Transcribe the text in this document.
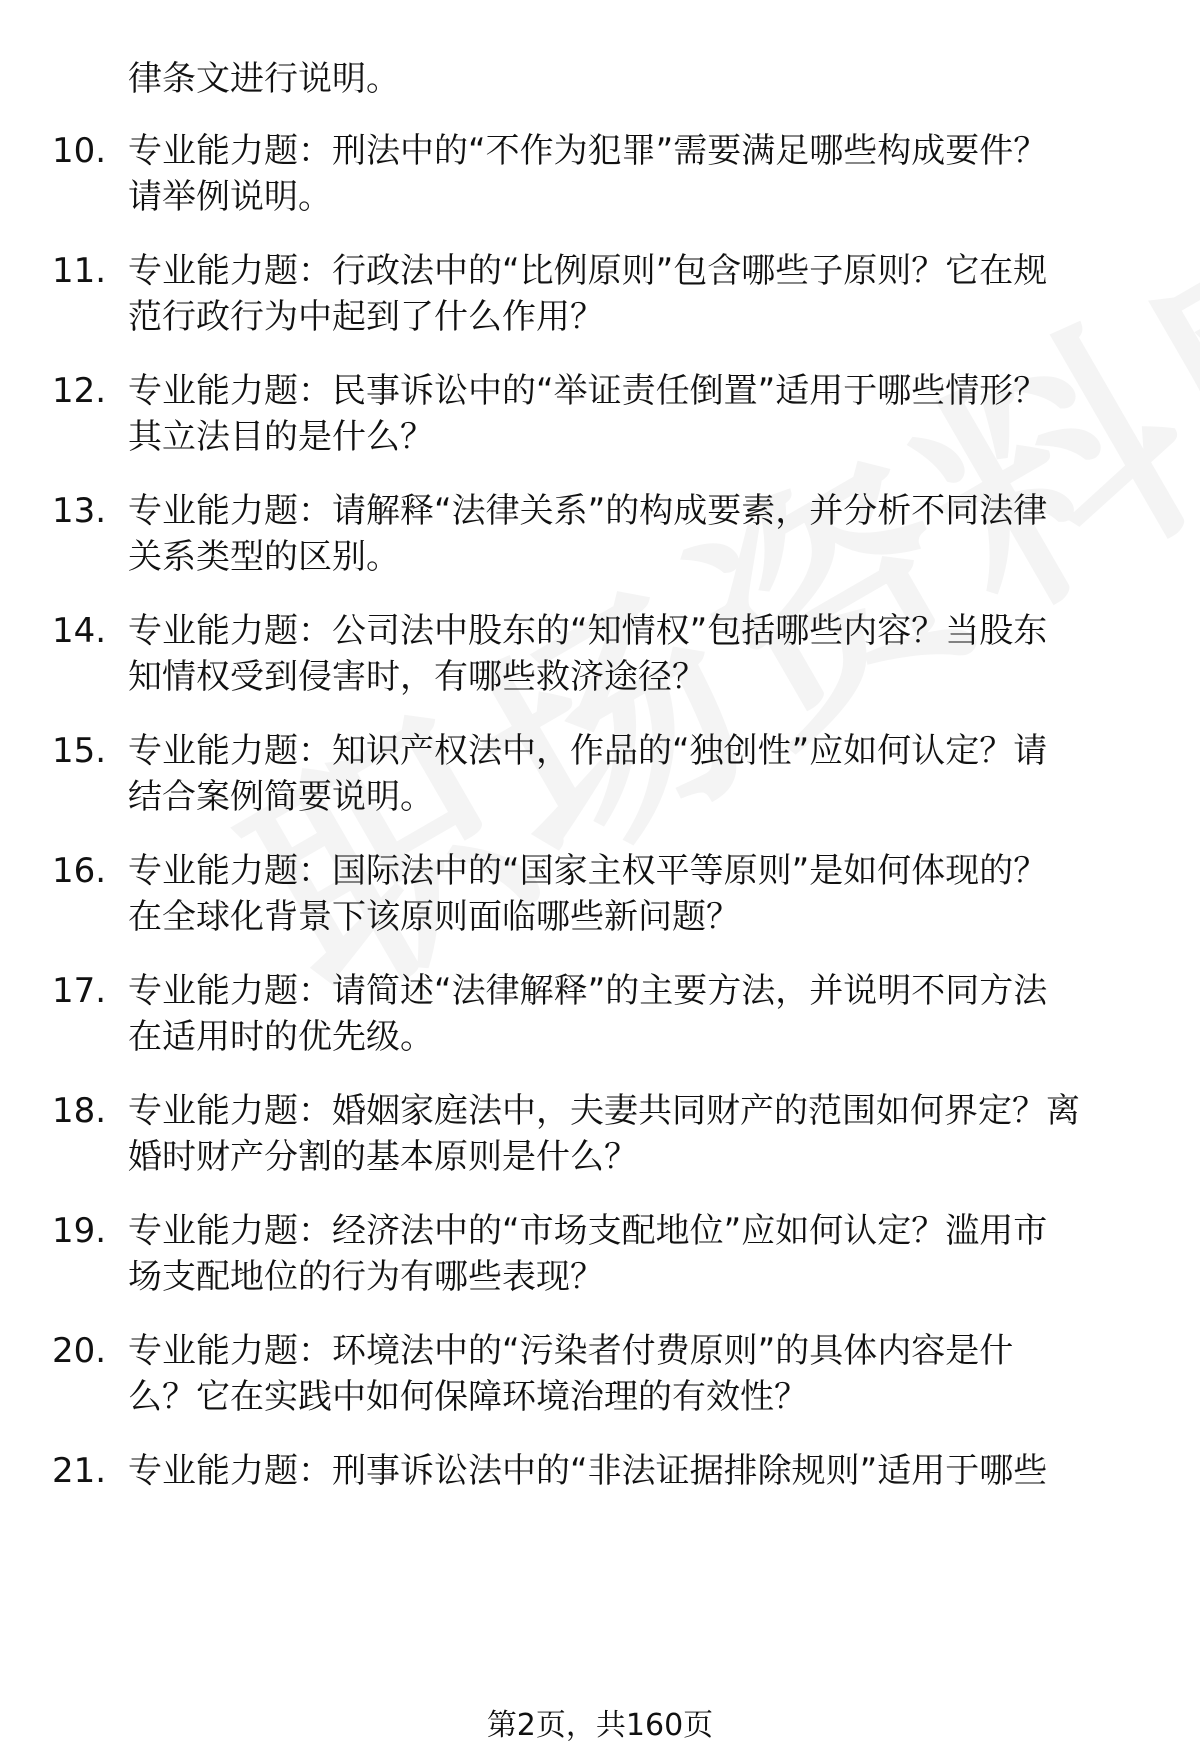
律条文进行说明。
10. 专业能力题：刑法中的“不作为犯罪”需要满足哪些构成要件？
请举例说明。
11. 专业能力题：行政法中的“比例原则”包含哪些子原则？它在规
范行政行为中起到了什么作用？
12. 专业能力题：民事诉讼中的“举证责任倒置”适用于哪些情形？
其立法目的是什么？
13. 专业能力题：请解释“法律关系”的构成要素，并分析不同法律
关系类型的区别。
14. 专业能力题：公司法中股东的“知情权”包括哪些内容？当股东
知情权受到侵害时，有哪些救济途径？
15. 专业能力题：知识产权法中，作品的“独创性”应如何认定？请
结合案例简要说明。
16. 专业能力题：国际法中的“国家主权平等原则”是如何体现的？
在全球化背景下该原则面临哪些新问题？
17. 专业能力题：请简述“法律解释”的主要方法，并说明不同方法
在适用时的优先级。
18. 专业能力题：婚姻家庭法中，夫妻共同财产的范围如何界定？离
婚时财产分割的基本原则是什么？
19. 专业能力题：经济法中的“市场支配地位”应如何认定？滥用市
场支配地位的行为有哪些表现？
20. 专业能力题：环境法中的“污染者付费原则”的具体内容是什
么？它在实践中如何保障环境治理的有效性？
21. 专业能力题：刑事诉讼法中的“非法证据排除规则”适用于哪些
第2页，共160页
